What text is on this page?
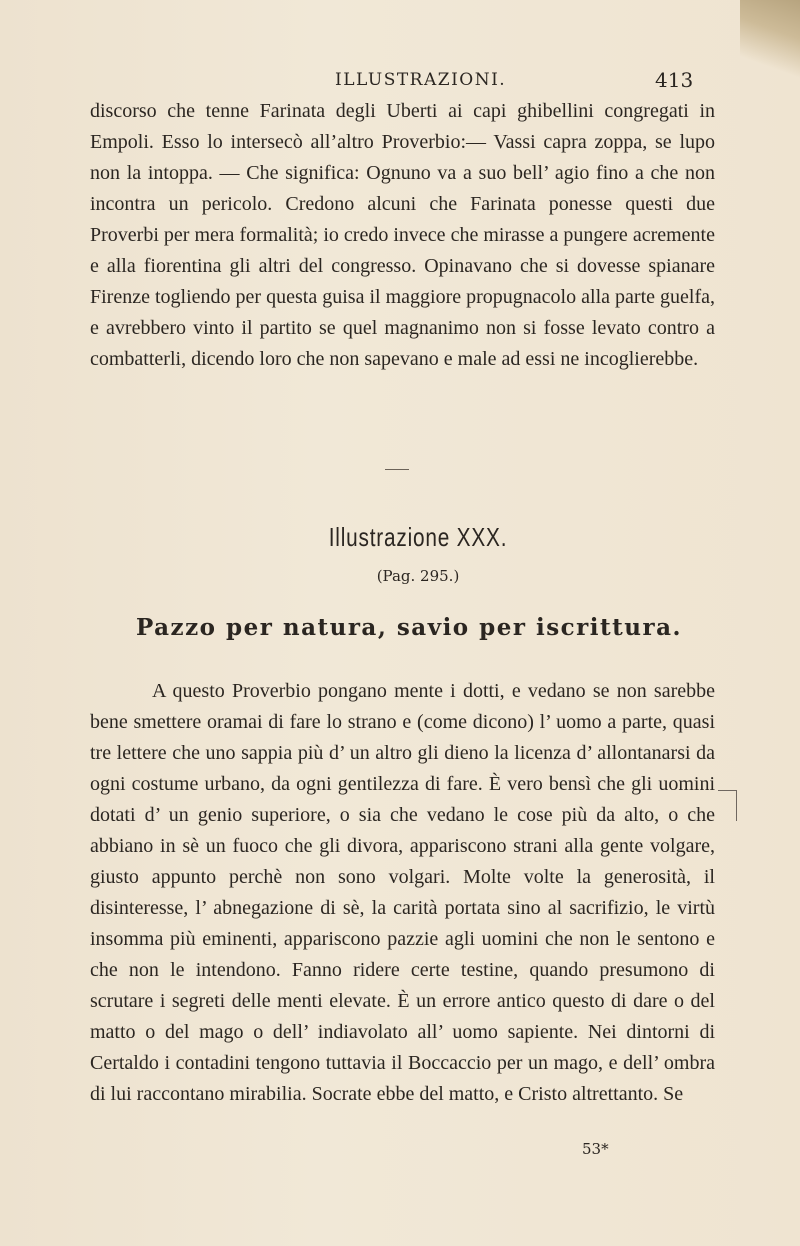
ILLUSTRAZIONI.	413

discorso che tenne Farinata degli Uberti ai capi ghibellini congregati in Empoli. Esso lo intersecò all’altro Proverbio:— Vassi capra zoppa, se lupo non la intoppa. — Che significa: Ognuno va a suo bell’ agio fino a che non incontra un pericolo. Credono alcuni che Farinata ponesse questi due Proverbi per mera formalità; io credo invece che mirasse a pungere acremente e alla fiorentina gli altri del congresso. Opinavano che si dovesse spianare Firenze togliendo per questa guisa il maggiore propugnacolo alla parte guelfa, e avrebbero vinto il partito se quel magnanimo non si fosse levato contro a combatterli, dicendo loro che non sapevano e male ad essi ne incoglierebbe.

Illustrazione XXX.
(Pag. 295.)
Pazzo per natura, savio per iscrittura.

A questo Proverbio pongano mente i dotti, e vedano se non sarebbe bene smettere oramai di fare lo strano e (come dicono) l’ uomo a parte, quasi tre lettere che uno sappia più d’ un altro gli dieno la licenza d’ allontanarsi da ogni costume urbano, da ogni gentilezza di fare. È vero bensì che gli uomini dotati d’ un genio superiore, o sia che vedano le cose più da alto, o che abbiano in sè un fuoco che gli divora, appariscono strani alla gente volgare, giusto appunto perchè non sono volgari. Molte volte la generosità, il disinteresse, l’ abnegazione di sè, la carità portata sino al sacrifizio, le virtù insomma più eminenti, appariscono pazzie agli uomini che non le sentono e che non le intendono. Fanno ridere certe testine, quando presumono di scrutare i segreti delle menti elevate. È un errore antico questo di dare o del matto o del mago o dell’ indiavolato all’ uomo sapiente. Nei dintorni di Certaldo i contadini tengono tuttavia il Boccaccio per un mago, e dell’ ombra di lui raccontano mirabilia. Socrate ebbe del matto, e Cristo altrettanto. Se

53*
